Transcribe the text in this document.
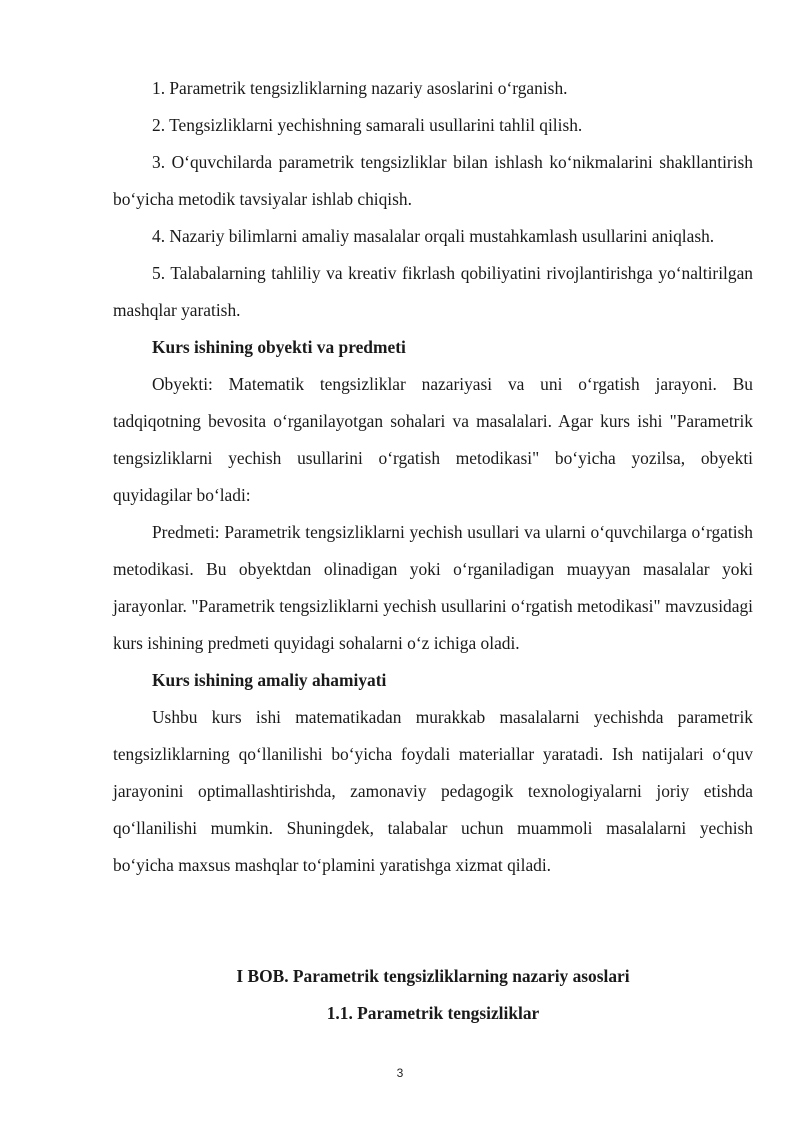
1. Parametrik tengsizliklarning nazariy asoslarini o‘rganish.

2. Tengsizliklarni yechishning samarali usullarini tahlil qilish.

3. O‘quvchilarda parametrik tengsizliklar bilan ishlash ko‘nikmalarini shakllantirish bo‘yicha metodik tavsiyalar ishlab chiqish.

4. Nazariy bilimlarni amaliy masalalar orqali mustahkamlash usullarini aniqlash.

5. Talabalarning tahliliy va kreativ fikrlash qobiliyatini rivojlantirishga yo‘naltirilgan mashqlar yaratish.

Kurs ishining obyekti va predmeti

Obyekti: Matematik tengsizliklar nazariyasi va uni o‘rgatish jarayoni. Bu tadqiqotning bevosita o‘rganilayotgan sohalari va masalalari. Agar kurs ishi "Parametrik tengsizliklarni yechish usullarini o‘rgatish metodikasi" bo‘yicha yozilsa, obyekti quyidagilar bo‘ladi:

Predmeti: Parametrik tengsizliklarni yechish usullari va ularni o‘quvchilarga o‘rgatish metodikasi. Bu obyektdan olinadigan yoki o‘rganiladigan muayyan masalalar yoki jarayonlar. "Parametrik tengsizliklarni yechish usullarini o‘rgatish metodikasi" mavzusidagi kurs ishining predmeti quyidagi sohalarni o‘z ichiga oladi.

Kurs ishining amaliy ahamiyati

Ushbu kurs ishi matematikadan murakkab masalalarni yechishda parametrik tengsizliklarning qo‘llanilishi bo‘yicha foydali materiallar yaratadi. Ish natijalari o‘quv jarayonini optimallashtirishda, zamonaviy pedagogik texnologiyalarni joriy etishda qo‘llanilishi mumkin. Shuningdek, talabalar uchun muammoli masalalarni yechish bo‘yicha maxsus mashqlar to‘plamini yaratishga xizmat qiladi.

I BOB. Parametrik tengsizliklarning nazariy asoslari

1.1. Parametrik tengsizliklar

3
